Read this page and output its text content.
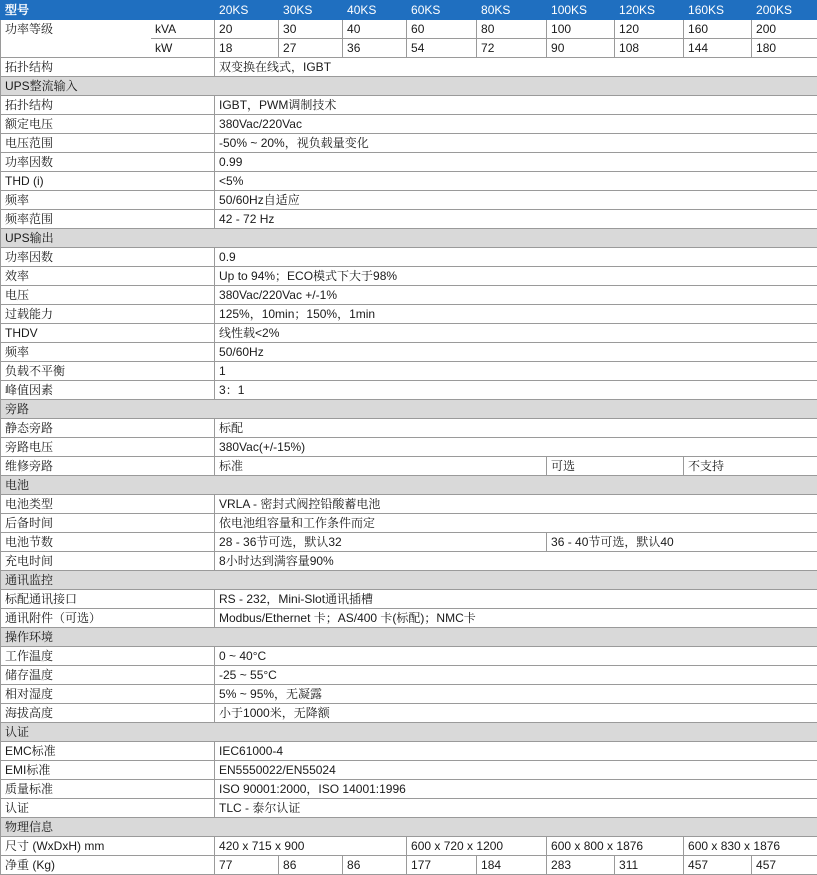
型号		20KS	30KS	40KS	60KS	80KS	100KS	120KS	160KS	200KS
功率等级	kVA	20	30	40	60	80	100	120	160	200
	kW	18	27	36	54	72	90	108	144	180
拓扑结构		双变换在线式，IGBT								
UPS整流输入										
拓扑结构		IGBT，PWM调制技术								
额定电压		380Vac/220Vac								
电压范围		-50% ~ 20%，视负载量变化								
功率因数		0.99								
THD (i)		<5%								
频率		50/60Hz自适应								
频率范围		42 - 72 Hz								
UPS输出										
功率因数		0.9								
效率		Up to 94%；ECO模式下大于98%								
电压		380Vac/220Vac +/-1%								
过载能力		125%，10min；150%，1min								
THDV		线性载<2%								
频率		50/60Hz								
负载不平衡		1								
峰值因素		3：1								
旁路										
静态旁路		标配								
旁路电压		380Vac(+/-15%)								
维修旁路		标准					可选		不支持	
电池										
电池类型		VRLA - 密封式阀控铅酸蓄电池								
后备时间		依电池组容量和工作条件而定								
电池节数		28 - 36节可选，默认32					36 - 40节可选，默认40			
充电时间		8小时达到满容量90%								
通讯监控										
标配通讯接口		RS - 232，Mini-Slot通讯插槽								
通讯附件（可选）		Modbus/Ethernet 卡；AS/400 卡(标配)；NMC卡								
操作环境										
工作温度		0 ~ 40°C								
储存温度		-25 ~ 55°C								
相对湿度		5% ~ 95%，无凝露								
海拔高度		小于1000米，无降额								
认证										
EMC标准		IEC61000-4								
EMI标准		EN5550022/EN55024								
质量标准		ISO 90001:2000，ISO 14001:1996								
认证		TLC - 泰尔认证								
物理信息										
尺寸 (WxDxH) mm		420 x 715 x 900			600 x 720 x 1200		600 x 800 x 1876		600 x 830 x 1876	
净重 (Kg)		77	86	86	177	184	283	311	457	457
